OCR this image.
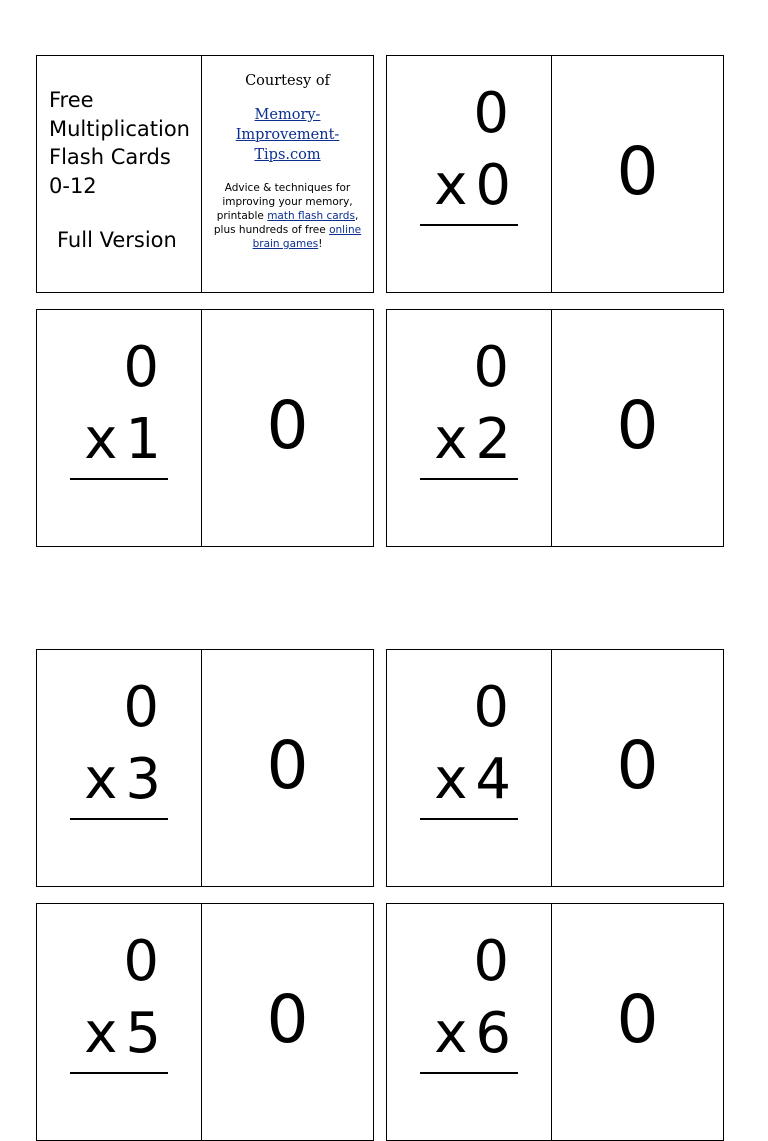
Free
Multiplication
Flash Cards
0-12
Full Version
Courtesy of
Memory-
Improvement-
Tips.com
Advice & techniques for improving your memory, printable math flash cards, plus hundreds of free online brain games!
0
x 0 0
0
x 1 0
0
x 2 0
0
x 3 0
0
x 4 0
0
x 5 0
0
x 6 0
